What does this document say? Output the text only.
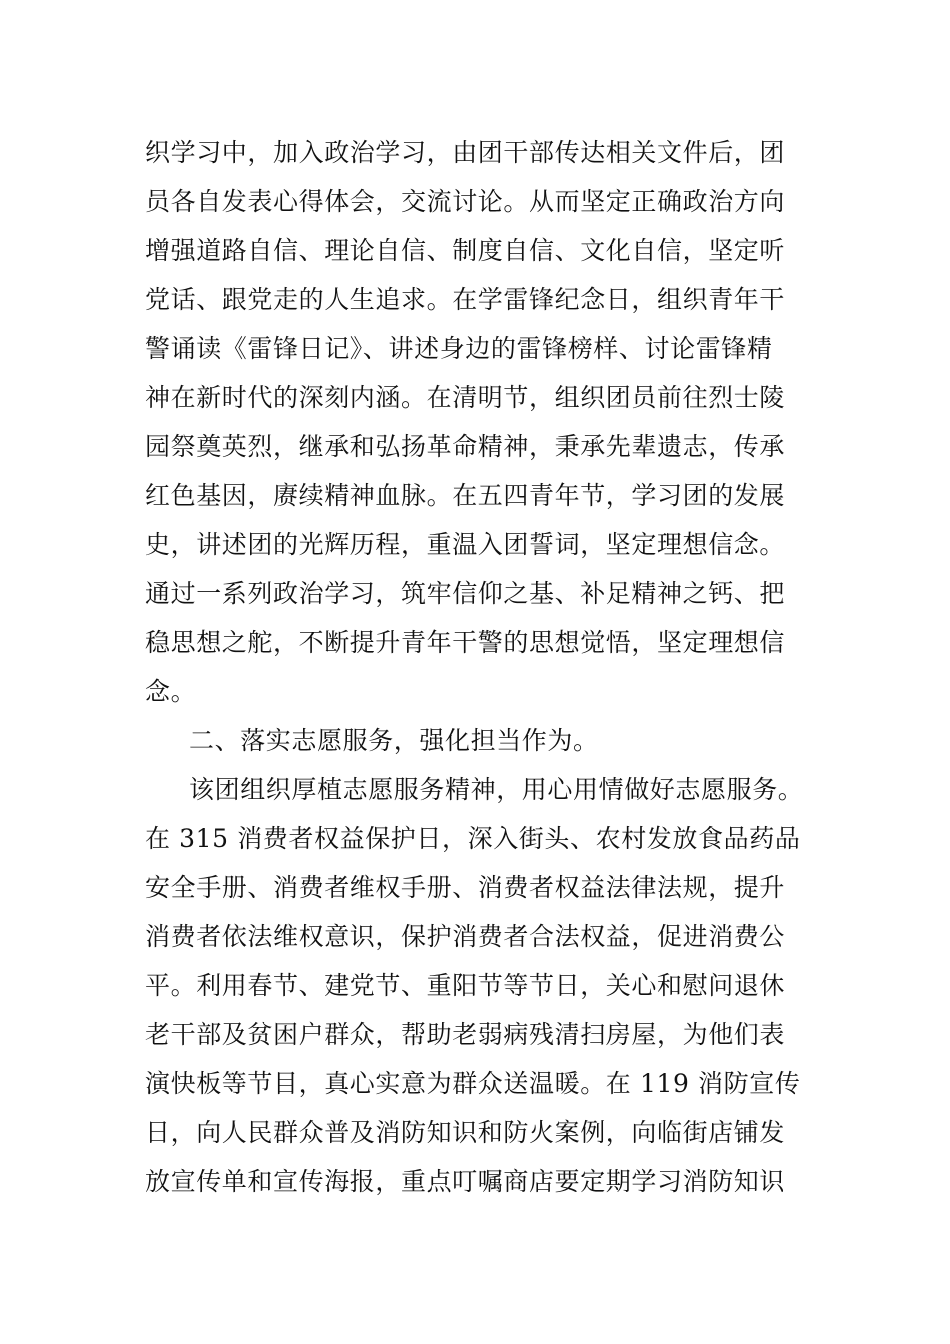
织学习中，加入政治学习，由团干部传达相关文件后，团
员各自发表心得体会，交流讨论。从而坚定正确政治方向
增强道路自信、理论自信、制度自信、文化自信，坚定听
党话、跟党走的人生追求。在学雷锋纪念日，组织青年干
警诵读《雷锋日记》、讲述身边的雷锋榜样、讨论雷锋精
神在新时代的深刻内涵。在清明节，组织团员前往烈士陵
园祭奠英烈，继承和弘扬革命精神，秉承先辈遗志，传承
红色基因，赓续精神血脉。在五四青年节，学习团的发展
史，讲述团的光辉历程，重温入团誓词，坚定理想信念。
通过一系列政治学习，筑牢信仰之基、补足精神之钙、把
稳思想之舵，不断提升青年干警的思想觉悟，坚定理想信
念。
二、落实志愿服务，强化担当作为。
该团组织厚植志愿服务精神，用心用情做好志愿服务。
在 315 消费者权益保护日，深入街头、农村发放食品药品
安全手册、消费者维权手册、消费者权益法律法规，提升
消费者依法维权意识，保护消费者合法权益，促进消费公
平。利用春节、建党节、重阳节等节日，关心和慰问退休
老干部及贫困户群众，帮助老弱病残清扫房屋，为他们表
演快板等节目，真心实意为群众送温暖。在 119 消防宣传
日，向人民群众普及消防知识和防火案例，向临街店铺发
放宣传单和宣传海报，重点叮嘱商店要定期学习消防知识
